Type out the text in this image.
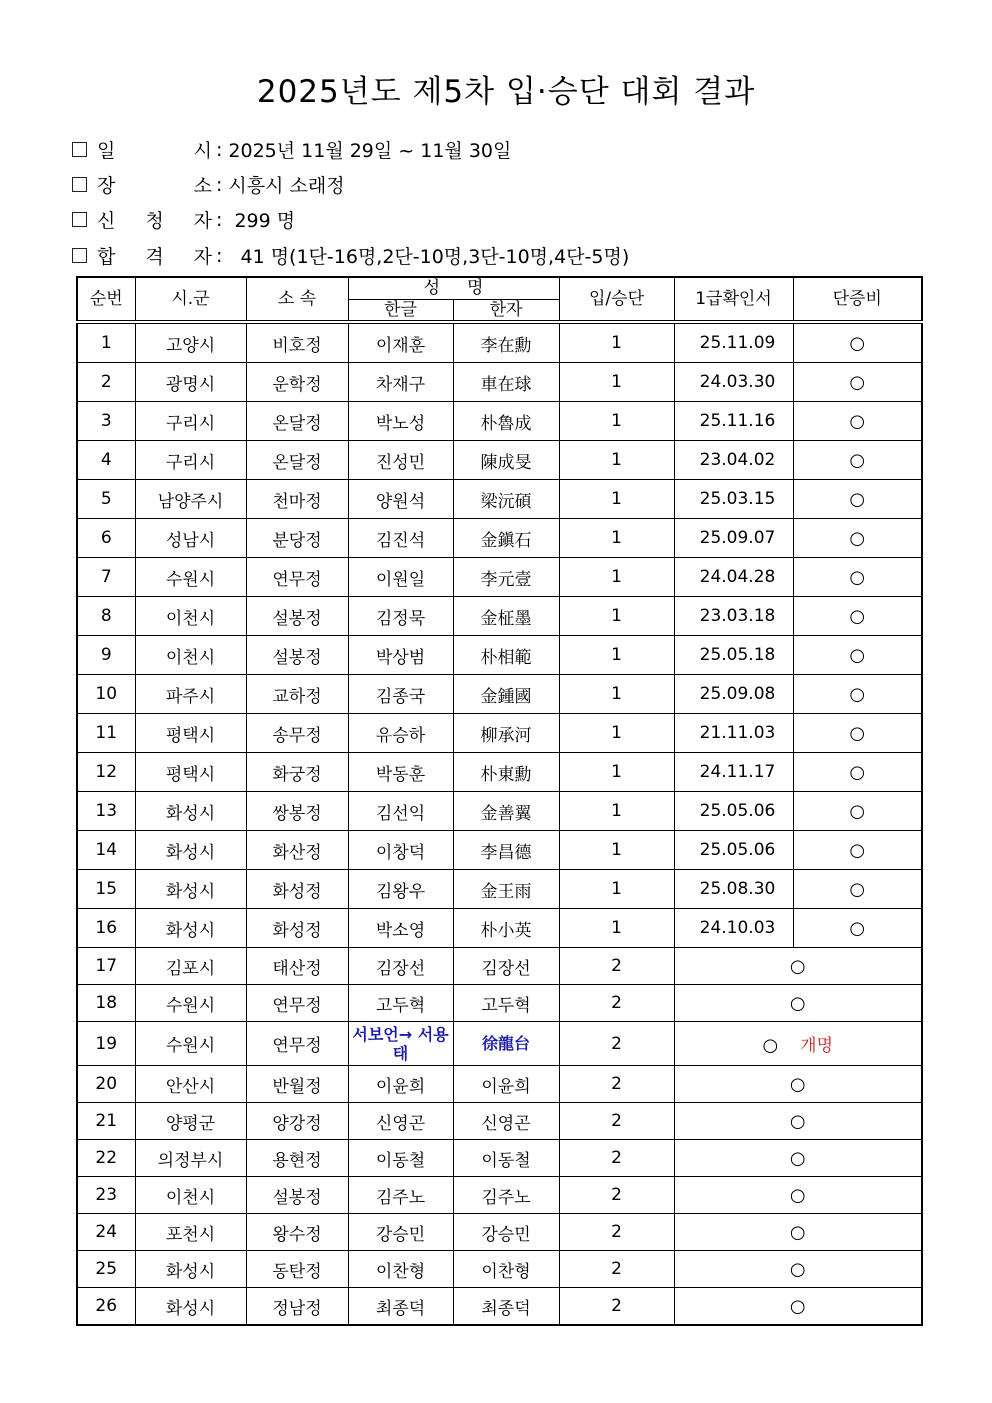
2025년도 제5차 입·승단 대회 결과
일	시 : 2025년 11월 29일 ~ 11월 30일
장	소 : 시흥시 소래정
신 청 자 : 299 명
합 격 자 : 41 명(1단-16명,2단-10명,3단-10명,4단-5명)
순번	시.군	소 속	성     명		입/승단	1급확인서	단증비
			한글	한자			
1	고양시	비호정	이재훈	李在勳	1	25.11.09	○
2	광명시	운학정	차재구	車在球	1	24.03.30	○
3	구리시	온달정	박노성	朴魯成	1	25.11.16	○
4	구리시	온달정	진성민	陳成旻	1	23.04.02	○
5	남양주시	천마정	양원석	梁沅碩	1	25.03.15	○
6	성남시	분당정	김진석	金鎭石	1	25.09.07	○
7	수원시	연무정	이원일	李元壹	1	24.04.28	○
8	이천시	설봉정	김정묵	金柾墨	1	23.03.18	○
9	이천시	설봉정	박상범	朴相範	1	25.05.18	○
10	파주시	교하정	김종국	金鍾國	1	25.09.08	○
11	평택시	송무정	유승하	柳承河	1	21.11.03	○
12	평택시	화궁정	박동훈	朴東勳	1	24.11.17	○
13	화성시	쌍봉정	김선익	金善翼	1	25.05.06	○
14	화성시	화산정	이창덕	李昌德	1	25.05.06	○
15	화성시	화성정	김왕우	金王雨	1	25.08.30	○
16	화성시	화성정	박소영	朴小英	1	24.10.03	○
17	김포시	태산정	김장선	김장선	2	○	
18	수원시	연무정	고두혁	고두혁	2	○	
19	수원시	연무정	서보언→ 서용태	徐龍台	2	○ 개명	
20	안산시	반월정	이윤희	이윤희	2	○	
21	양평군	양강정	신영곤	신영곤	2	○	
22	의정부시	용현정	이동철	이동철	2	○	
23	이천시	설봉정	김주노	김주노	2	○	
24	포천시	왕수정	강승민	강승민	2	○	
25	화성시	동탄정	이찬형	이찬형	2	○	
26	화성시	정남정	최종덕	최종덕	2	○	
